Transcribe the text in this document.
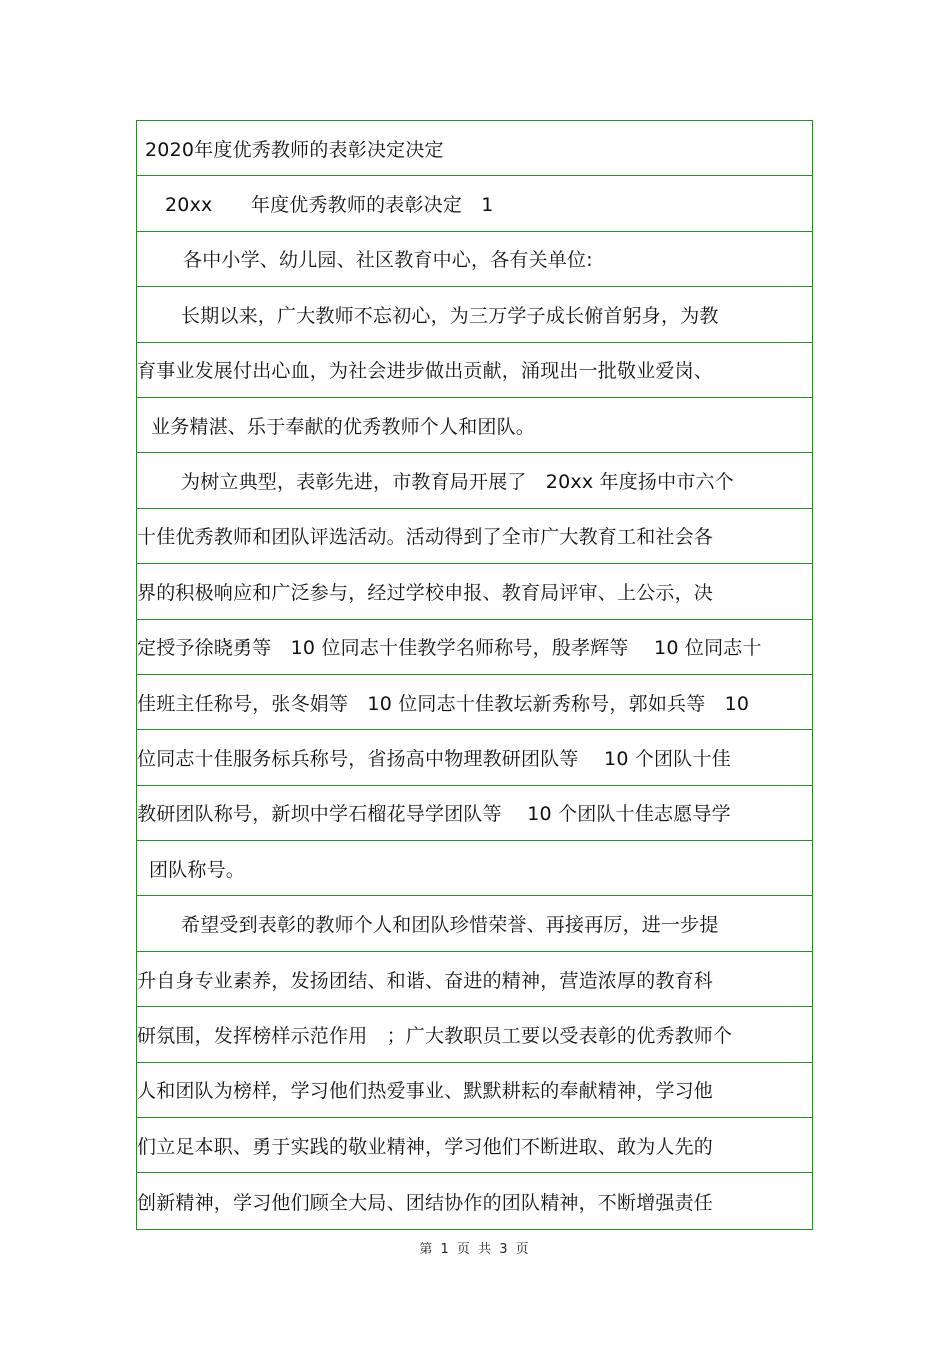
2020年度优秀教师的表彰决定决定
20xx　　年度优秀教师的表彰决定　1
各中小学、幼儿园、社区教育中心，各有关单位:
长期以来，广大教师不忘初心，为三万学子成长俯首躬身，为教
育事业发展付出心血，为社会进步做出贡献，涌现出一批敬业爱岗、
业务精湛、乐于奉献的优秀教师个人和团队。
为树立典型，表彰先进，市教育局开展了　20xx 年度扬中市六个
十佳优秀教师和团队评选活动。活动得到了全市广大教育工和社会各
界的积极响应和广泛参与，经过学校申报、教育局评审、上公示，决
定授予徐晓勇等　10 位同志十佳教学名师称号，殷孝辉等　 10 位同志十
佳班主任称号，张冬娟等　10 位同志十佳教坛新秀称号，郭如兵等　10
位同志十佳服务标兵称号，省扬高中物理教研团队等　 10 个团队十佳
教研团队称号，新坝中学石榴花导学团队等　 10 个团队十佳志愿导学
团队称号。
希望受到表彰的教师个人和团队珍惜荣誉、再接再厉，进一步提
升自身专业素养，发扬团结、和谐、奋进的精神，营造浓厚的教育科
研氛围，发挥榜样示范作用　；广大教职员工要以受表彰的优秀教师个
人和团队为榜样，学习他们热爱事业、默默耕耘的奉献精神，学习他
们立足本职、勇于实践的敬业精神，学习他们不断进取、敢为人先的
创新精神，学习他们顾全大局、团结协作的团队精神，不断增强责任
第 1 页 共 3 页
